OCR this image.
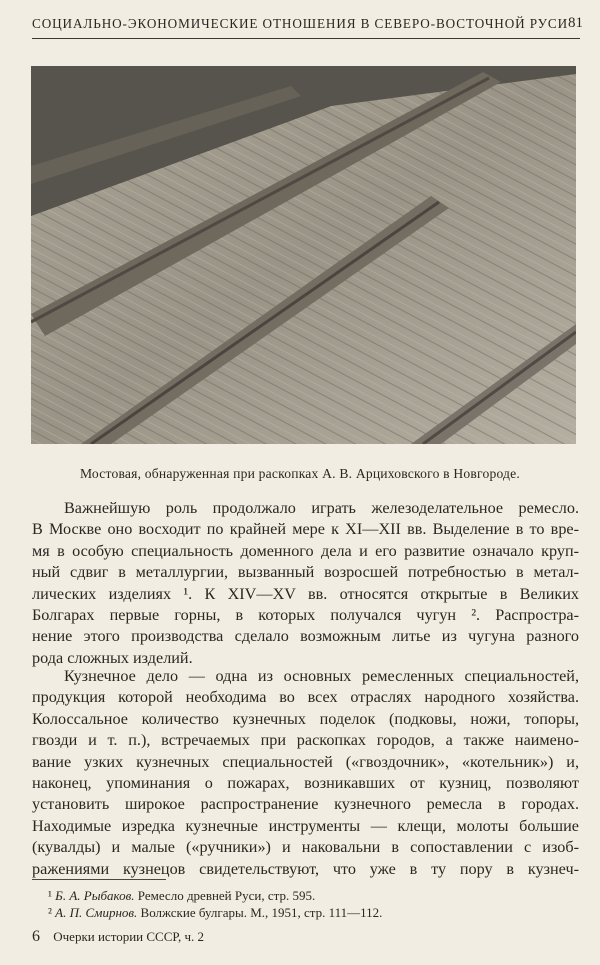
СОЦИАЛЬНО-ЭКОНОМИЧЕСКИЕ ОТНОШЕНИЯ В СЕВЕРО-ВОСТОЧНОЙ РУСИ 81
Мостовая, обнаруженная при раскопках А. В. Арциховского в Новгороде.
Важнейшую роль продолжало играть железоделательное ремесло.
В Москве оно восходит по крайней мере к XI—XII вв. Выделение в то вре-
мя в особую специальность доменного дела и его развитие означало круп-
ный сдвиг в металлургии, вызванный возросшей потребностью в метал-
лических изделиях ¹. К XIV—XV вв. относятся открытые в Великих
Болгарах первые горны, в которых получался чугун ². Распростра-
нение этого производства сделало возможным литье из чугуна разного
рода сложных изделий.
Кузнечное дело — одна из основных ремесленных специальностей,
продукция которой необходима во всех отраслях народного хозяйства.
Колоссальное количество кузнечных поделок (подковы, ножи, топоры,
гвозди и т. п.), встречаемых при раскопках городов, а также наимено-
вание узких кузнечных специальностей («гвоздочник», «котельник») и,
наконец, упоминания о пожарах, возникавших от кузниц, позволяют
установить широкое распространение кузнечного ремесла в городах.
Находимые изредка кузнечные инструменты — клещи, молоты большие
(кувалды) и малые («ручники») и наковальни в сопоставлении с изоб-
ражениями кузнецов свидетельствуют, что уже в ту пору в кузнеч-
¹ Б. А. Рыбаков. Ремесло древней Руси, стр. 595.
² А. П. Смирнов. Волжские булгары. М., 1951, стр. 111—112.
6 Очерки истории СССР, ч. 2
